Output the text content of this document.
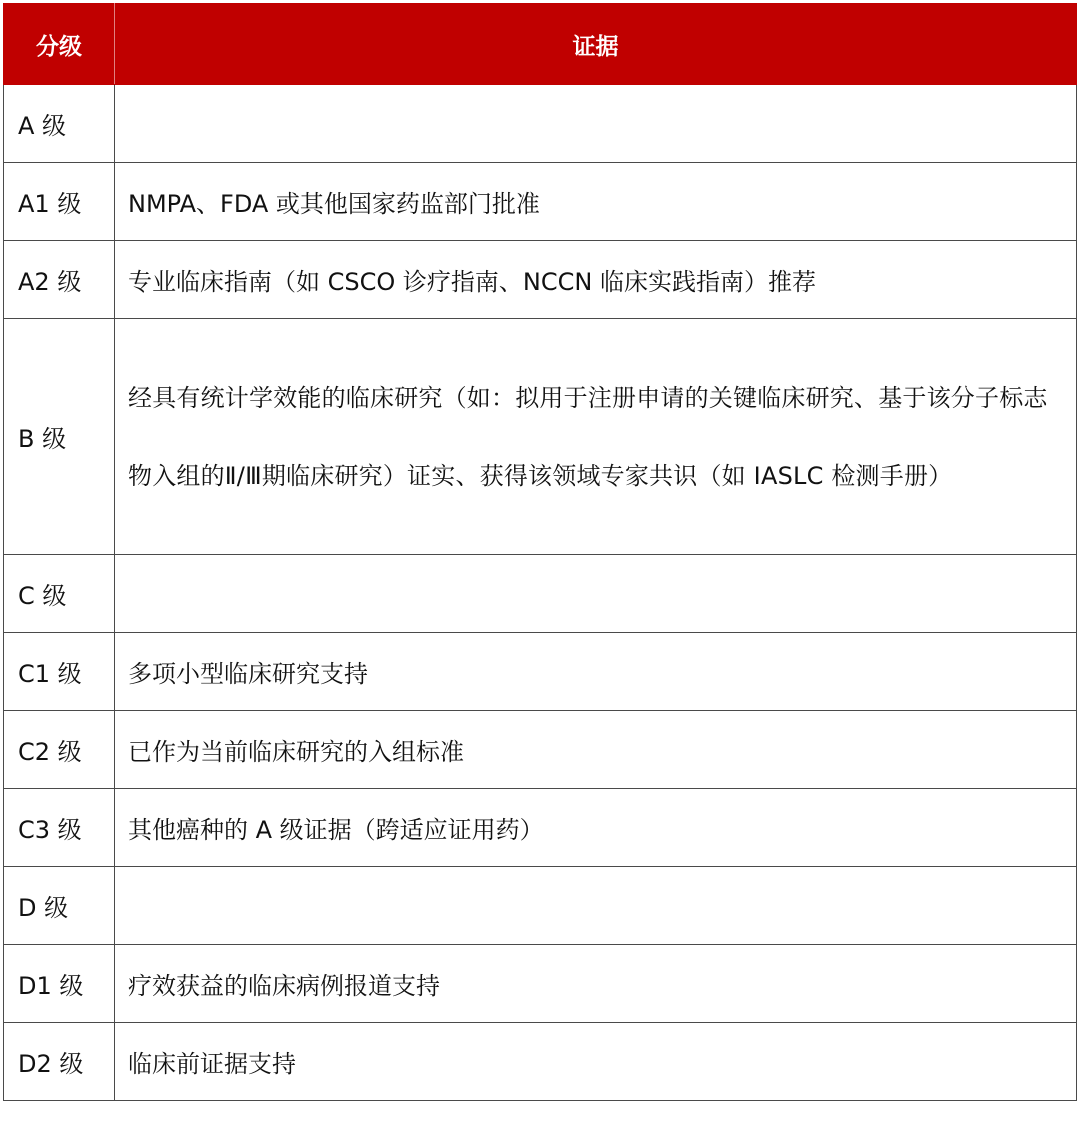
分级	证据
A 级	
A1 级	NMPA、FDA 或其他国家药监部门批准
A2 级	专业临床指南（如 CSCO 诊疗指南、NCCN 临床实践指南）推荐
B 级	经具有统计学效能的临床研究（如：拟用于注册申请的关键临床研究、基于该分子标志物入组的Ⅱ/Ⅲ期临床研究）证实、获得该领域专家共识（如 IASLC 检测手册）

C 级	
C1 级	多项小型临床研究支持
C2 级	已作为当前临床研究的入组标准
C3 级	其他癌种的 A 级证据（跨适应证用药）
D 级	
D1 级	疗效获益的临床病例报道支持
D2 级	临床前证据支持
